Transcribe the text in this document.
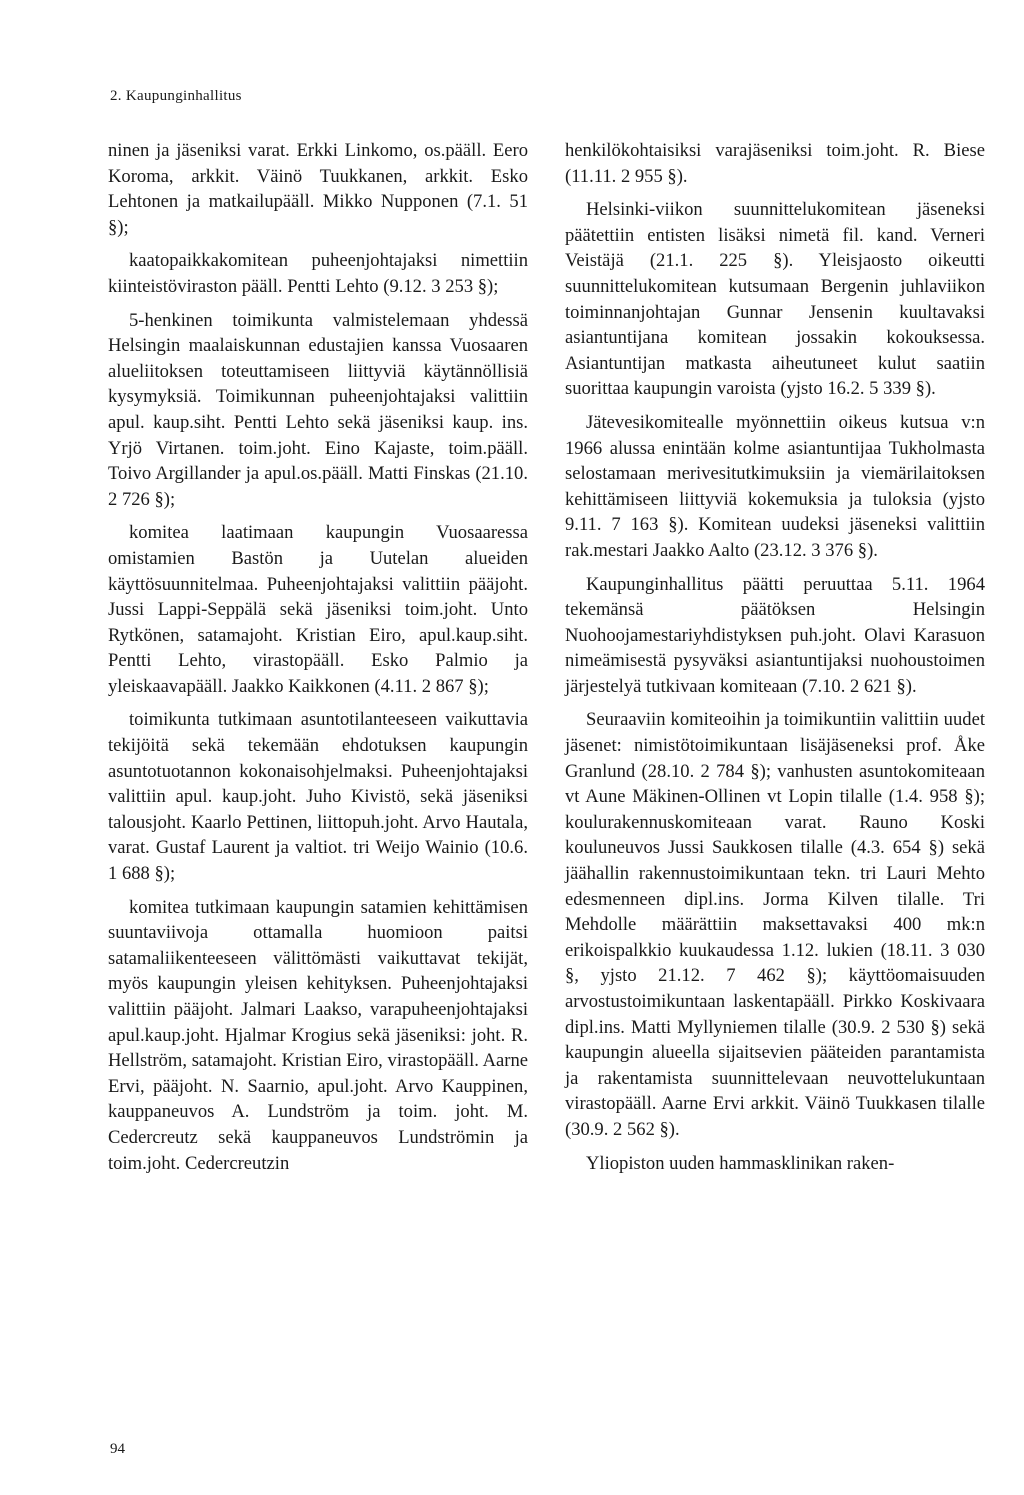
2. Kaupunginhallitus

ninen ja jäseniksi varat. Erkki Linkomo, os.pääll. Eero Koroma, arkkit. Väinö Tuukkanen, arkkit. Esko Lehtonen ja matkailupääll. Mikko Nupponen (7.1. 51 §);

kaatopaikkakomitean puheenjohtajaksi nimettiin kiinteistöviraston pääll. Pentti Lehto (9.12. 3 253 §);

5-henkinen toimikunta valmistelemaan yhdessä Helsingin maalaiskunnan edustajien kanssa Vuosaaren alueliitoksen toteuttamiseen liittyviä käytännöllisiä kysymyksiä. Toimikunnan puheenjohtajaksi valittiin apul. kaup.siht. Pentti Lehto sekä jäseniksi kaup. ins. Yrjö Virtanen. toim.joht. Eino Kajaste, toim.pääll. Toivo Argillander ja apul.os.pääll. Matti Finskas (21.10. 2 726 §);

komitea laatimaan kaupungin Vuosaaressa omistamien Bastön ja Uutelan alueiden käyttösuunnitelmaa. Puheenjohtajaksi valittiin pääjoht. Jussi Lappi-Seppälä sekä jäseniksi toim.joht. Unto Rytkönen, satamajoht. Kristian Eiro, apul.kaup.siht. Pentti Lehto, virastopääll. Esko Palmio ja yleiskaavapääll. Jaakko Kaikkonen (4.11. 2 867 §);

toimikunta tutkimaan asuntotilanteeseen vaikuttavia tekijöitä sekä tekemään ehdotuksen kaupungin asuntotuotannon kokonaisohjelmaksi. Puheenjohtajaksi valittiin apul. kaup.joht. Juho Kivistö, sekä jäseniksi talousjoht. Kaarlo Pettinen, liittopuh.joht. Arvo Hautala, varat. Gustaf Laurent ja valtiot. tri Weijo Wainio (10.6. 1 688 §);

komitea tutkimaan kaupungin satamien kehittämisen suuntaviivoja ottamalla huomioon paitsi satamaliikenteeseen välittömästi vaikuttavat tekijät, myös kaupungin yleisen kehityksen. Puheenjohtajaksi valittiin pääjoht. Jalmari Laakso, varapuheenjohtajaksi apul.kaup.joht. Hjalmar Krogius sekä jäseniksi: joht. R. Hellström, satamajoht. Kristian Eiro, virastopääll. Aarne Ervi, pääjoht. N. Saarnio, apul.joht. Arvo Kauppinen, kauppaneuvos A. Lundström ja toim. joht. M. Cedercreutz sekä kauppaneuvos Lundströmin ja toim.joht. Cedercreutzin

henkilökohtaisiksi varajäseniksi toim.joht. R. Biese (11.11. 2 955 §).

Helsinki-viikon suunnittelukomitean jäseneksi päätettiin entisten lisäksi nimetä fil. kand. Verneri Veistäjä (21.1. 225 §). Yleisjaosto oikeutti suunnittelukomitean kutsumaan Bergenin juhlaviikon toiminnanjohtajan Gunnar Jensenin kuultavaksi asiantuntijana komitean jossakin kokouksessa. Asiantuntijan matkasta aiheutuneet kulut saatiin suorittaa kaupungin varoista (yjsto 16.2. 5 339 §).

Jätevesikomitealle myönnettiin oikeus kutsua v:n 1966 alussa enintään kolme asiantuntijaa Tukholmasta selostamaan merivesitutkimuksiin ja viemärilaitoksen kehittämiseen liittyviä kokemuksia ja tuloksia (yjsto 9.11. 7 163 §). Komitean uudeksi jäseneksi valittiin rak.mestari Jaakko Aalto (23.12. 3 376 §).

Kaupunginhallitus päätti peruuttaa 5.11. 1964 tekemänsä päätöksen Helsingin Nuohoojamestariyhdistyksen puh.joht. Olavi Karasuon nimeämisestä pysyväksi asiantuntijaksi nuohoustoimen järjestelyä tutkivaan komiteaan (7.10. 2 621 §).

Seuraaviin komiteoihin ja toimikuntiin valittiin uudet jäsenet: nimistötoimikuntaan lisäjäseneksi prof. Åke Granlund (28.10. 2 784 §); vanhusten asuntokomiteaan vt Aune Mäkinen-Ollinen vt Lopin tilalle (1.4. 958 §); koulurakennuskomiteaan varat. Rauno Koski kouluneuvos Jussi Saukkosen tilalle (4.3. 654 §) sekä jäähallin rakennustoimikuntaan tekn. tri Lauri Mehto edesmenneen dipl.ins. Jorma Kilven tilalle. Tri Mehdolle määrättiin maksettavaksi 400 mk:n erikoispalkkio kuukaudessa 1.12. lukien (18.11. 3 030 §, yjsto 21.12. 7 462 §); käyttöomaisuuden arvostustoimikuntaan laskentapääll. Pirkko Koskivaara dipl.ins. Matti Myllyniemen tilalle (30.9. 2 530 §) sekä kaupungin alueella sijaitsevien pääteiden parantamista ja rakentamista suunnittelevaan neuvottelukuntaan virastopääll. Aarne Ervi arkkit. Väinö Tuukkasen tilalle (30.9. 2 562 §).

Yliopiston uuden hammasklinikan raken-

94
